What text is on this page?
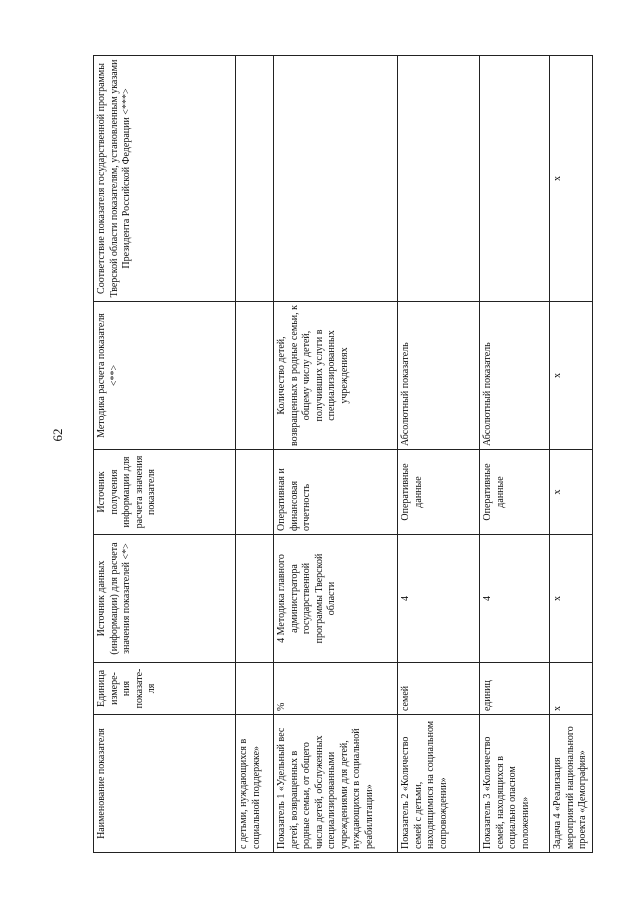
62
Наименование показателя	Единица измере-ния показате-ля	Источник данных (информации) для расчета значения показателей <*>	Источник получения информации для расчета значения показателя	Методика расчета показателя <**>	Соответствие показателя государственной программы Тверской области показателям, установленным указами Президента Российской Федерации <***>
с детьми, нуждающихся в социальной поддержке»					
Показатель 1 «Удельный вес детей, возвращенных в родные семьи, от общего числа детей, обслуженных специализированными учреждениями для детей, нуждающихся в социальной реабилитации»	%	4 Методика главного администратора государственной программы Тверской области	Оперативная и финансовая отчетность	Количество детей, возвращенных в родные семьи, к общему числу детей, получивших услуги в специализированных учреждениях	
Показатель 2 «Количество семей с детьми, находящимися на социальном сопровождении»	семей	4	Оперативные данные	Абсолютный показатель	
Показатель 3 «Количество семей, находящихся в социально опасном положении»	единиц	4	Оперативные данные	Абсолютный показатель	
Задача 4 «Реализация мероприятий национального проекта «Демография»	х	х	х	х	х
